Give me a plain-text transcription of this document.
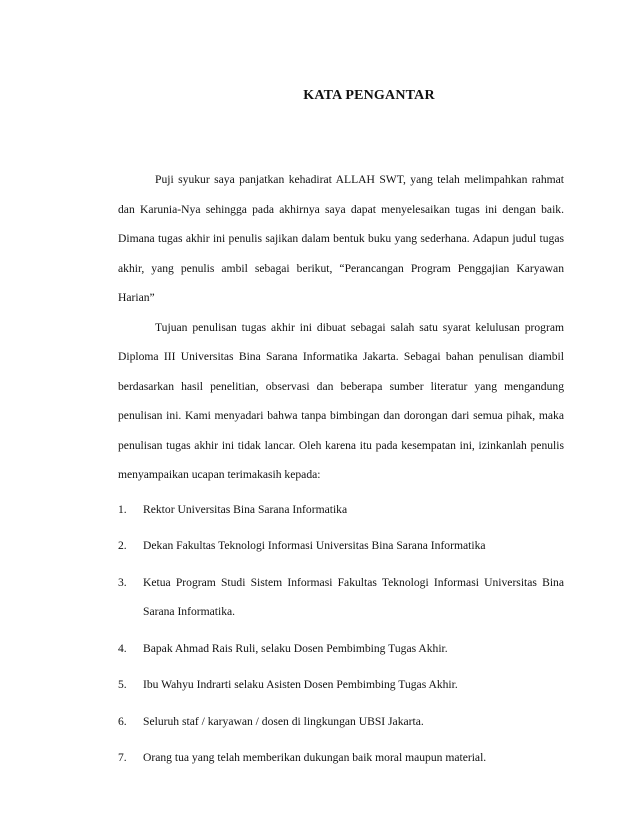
KATA PENGANTAR

Puji syukur saya panjatkan kehadirat ALLAH SWT, yang telah melimpahkan rahmat dan Karunia-Nya sehingga pada akhirnya saya dapat menyelesaikan tugas ini dengan baik. Dimana tugas akhir ini penulis sajikan dalam bentuk buku yang sederhana. Adapun judul tugas akhir, yang penulis ambil sebagai berikut, “Perancangan Program Penggajian Karyawan Harian”

Tujuan penulisan tugas akhir ini dibuat sebagai salah satu syarat kelulusan program Diploma III Universitas Bina Sarana Informatika Jakarta. Sebagai bahan penulisan diambil berdasarkan hasil penelitian, observasi dan beberapa sumber literatur yang mengandung penulisan ini. Kami menyadari bahwa tanpa bimbingan dan dorongan dari semua pihak, maka penulisan tugas akhir ini tidak lancar. Oleh karena itu pada kesempatan ini, izinkanlah penulis menyampaikan ucapan terimakasih kepada:

1. Rektor Universitas Bina Sarana Informatika
2. Dekan Fakultas Teknologi Informasi Universitas Bina Sarana Informatika
3. Ketua Program Studi Sistem Informasi Fakultas Teknologi Informasi Universitas Bina Sarana Informatika.
4. Bapak Ahmad Rais Ruli, selaku Dosen Pembimbing Tugas Akhir.
5. Ibu Wahyu Indrarti selaku Asisten Dosen Pembimbing Tugas Akhir.
6. Seluruh staf / karyawan / dosen di lingkungan UBSI Jakarta.
7. Orang tua yang telah memberikan dukungan baik moral maupun material.
